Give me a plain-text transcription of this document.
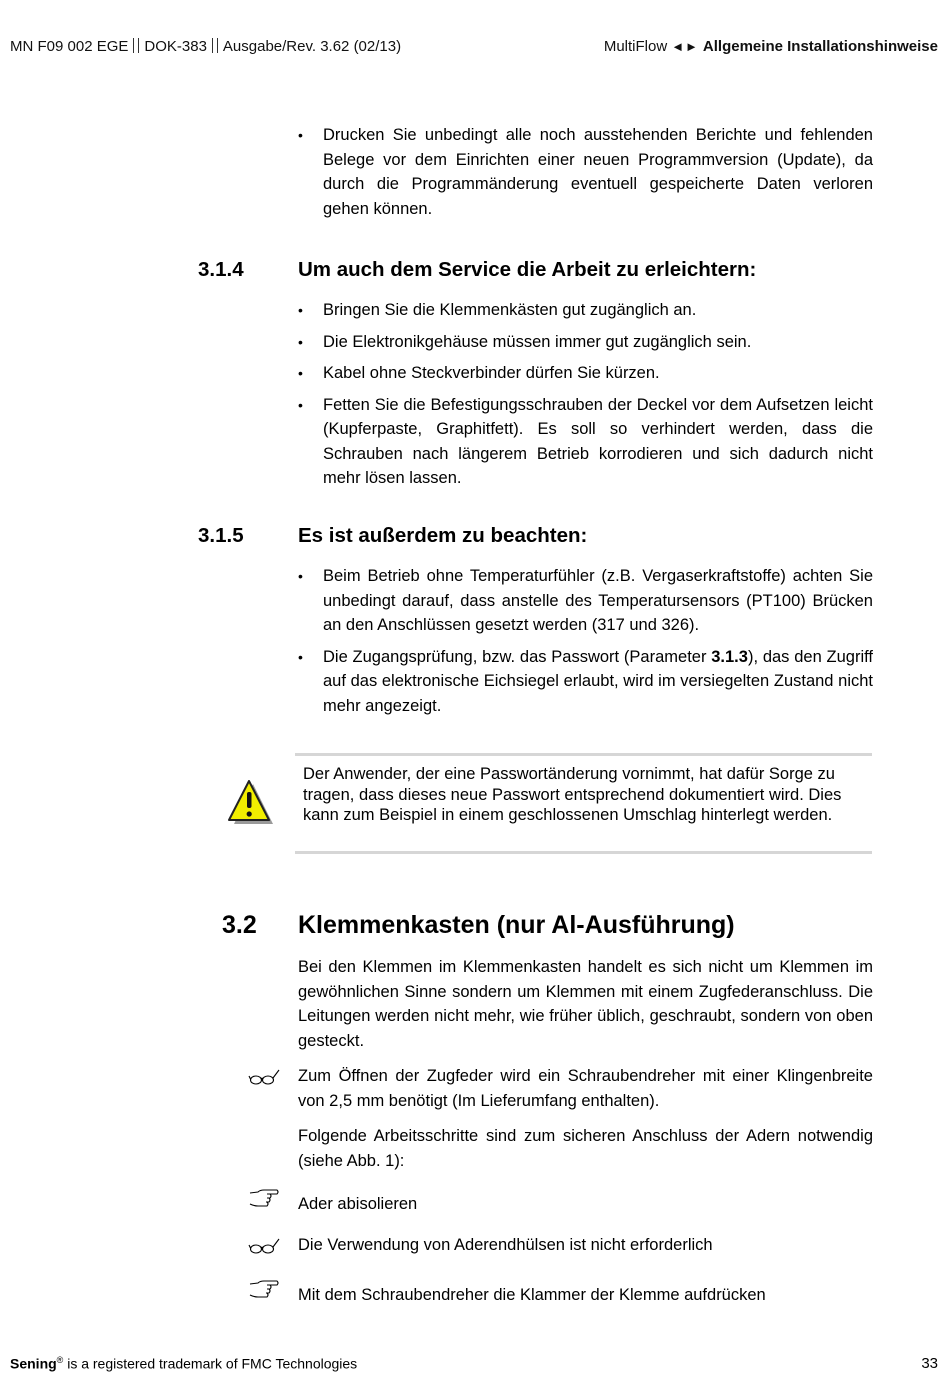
MN F09 002 EGE DOK-383 Ausgabe/Rev. 3.62 (02/13)	MultiFlow ◄► Allgemeine Installationshinweise
• Drucken Sie unbedingt alle noch ausstehenden Berichte und fehlenden Belege vor dem Einrichten einer neuen Programmversion (Update), da durch die Programmänderung eventuell gespeicherte Daten verloren gehen können.
3.1.4	Um auch dem Service die Arbeit zu erleichtern:
• Bringen Sie die Klemmenkästen gut zugänglich an.
• Die Elektronikgehäuse müssen immer gut zugänglich sein.
• Kabel ohne Steckverbinder dürfen Sie kürzen.
• Fetten Sie die Befestigungsschrauben der Deckel vor dem Aufsetzen leicht (Kupferpaste, Graphitfett). Es soll so verhindert werden, dass die Schrauben nach längerem Betrieb korrodieren und sich dadurch nicht mehr lösen lassen.
3.1.5	Es ist außerdem zu beachten:
• Beim Betrieb ohne Temperaturfühler (z.B. Vergaserkraftstoffe) achten Sie unbedingt darauf, dass anstelle des Temperatursensors (PT100) Brücken an den Anschlüssen gesetzt werden (317 und 326).
• Die Zugangsprüfung, bzw. das Passwort (Parameter 3.1.3), das den Zugriff auf das elektronische Eichsiegel erlaubt, wird im versiegelten Zustand nicht mehr angezeigt.

Der Anwender, der eine Passwortänderung vornimmt, hat dafür Sorge zu tragen, dass dieses neue Passwort entsprechend dokumentiert wird. Dies kann zum Beispiel in einem geschlossenen Umschlag hinterlegt werden.

3.2 Klemmenkasten (nur Al-Ausführung)

Bei den Klemmen im Klemmenkasten handelt es sich nicht um Klemmen im gewöhnlichen Sinne sondern um Klemmen mit einem Zugfederanschluss. Die Leitungen werden nicht mehr, wie früher üblich, geschraubt, sondern von oben gesteckt.

Zum Öffnen der Zugfeder wird ein Schraubendreher mit einer Klingenbreite von 2,5 mm benötigt (Im Lieferumfang enthalten).

Folgende Arbeitsschritte sind zum sicheren Anschluss der Adern notwendig (siehe Abb. 1):

Ader abisolieren

Die Verwendung von Aderendhülsen ist nicht erforderlich

Mit dem Schraubendreher die Klammer der Klemme aufdrücken

Sening® is a registered trademark of FMC Technologies	33
